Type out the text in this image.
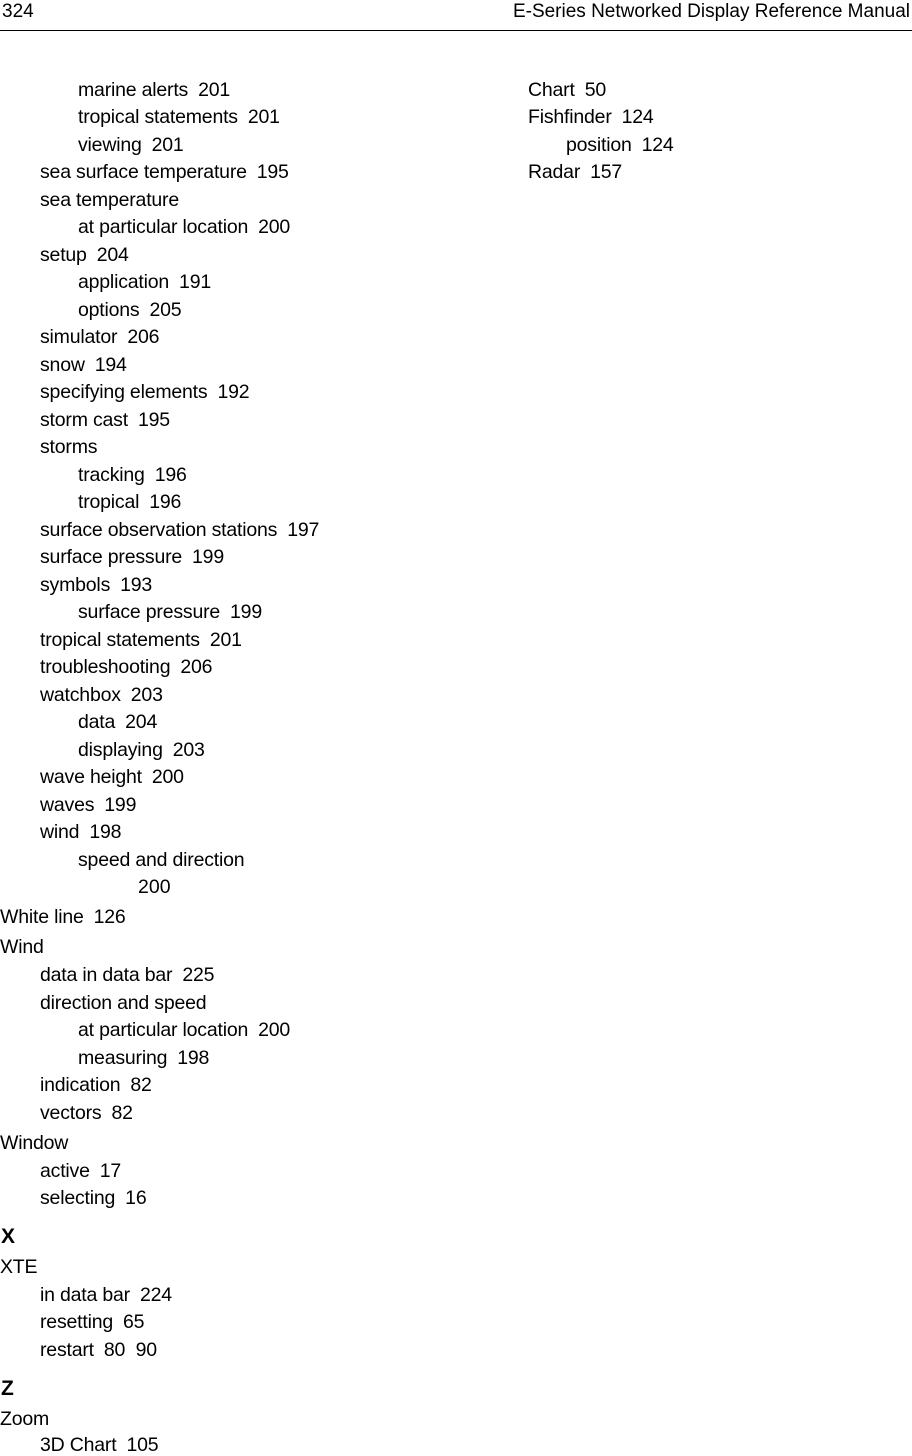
324	E-Series Networked Display Reference Manual
marine alerts 201
tropical statements 201
viewing 201
sea surface temperature 195
sea temperature
at particular location 200
setup 204
application 191
options 205
simulator 206
snow 194
specifying elements 192
storm cast 195
storms
tracking 196
tropical 196
surface observation stations 197
surface pressure 199
symbols 193
surface pressure 199
tropical statements 201
troubleshooting 206
watchbox 203
data 204
displaying 203
wave height 200
waves 199
wind 198
speed and direction
200
White line 126
Wind
data in data bar 225
direction and speed
at particular location 200
measuring 198
indication 82
vectors 82
Window
active 17
selecting 16
X
XTE
in data bar 224
resetting 65
restart 80  90
Z
Zoom
3D Chart 105
Chart 50
Fishfinder 124
position 124
Radar 157
